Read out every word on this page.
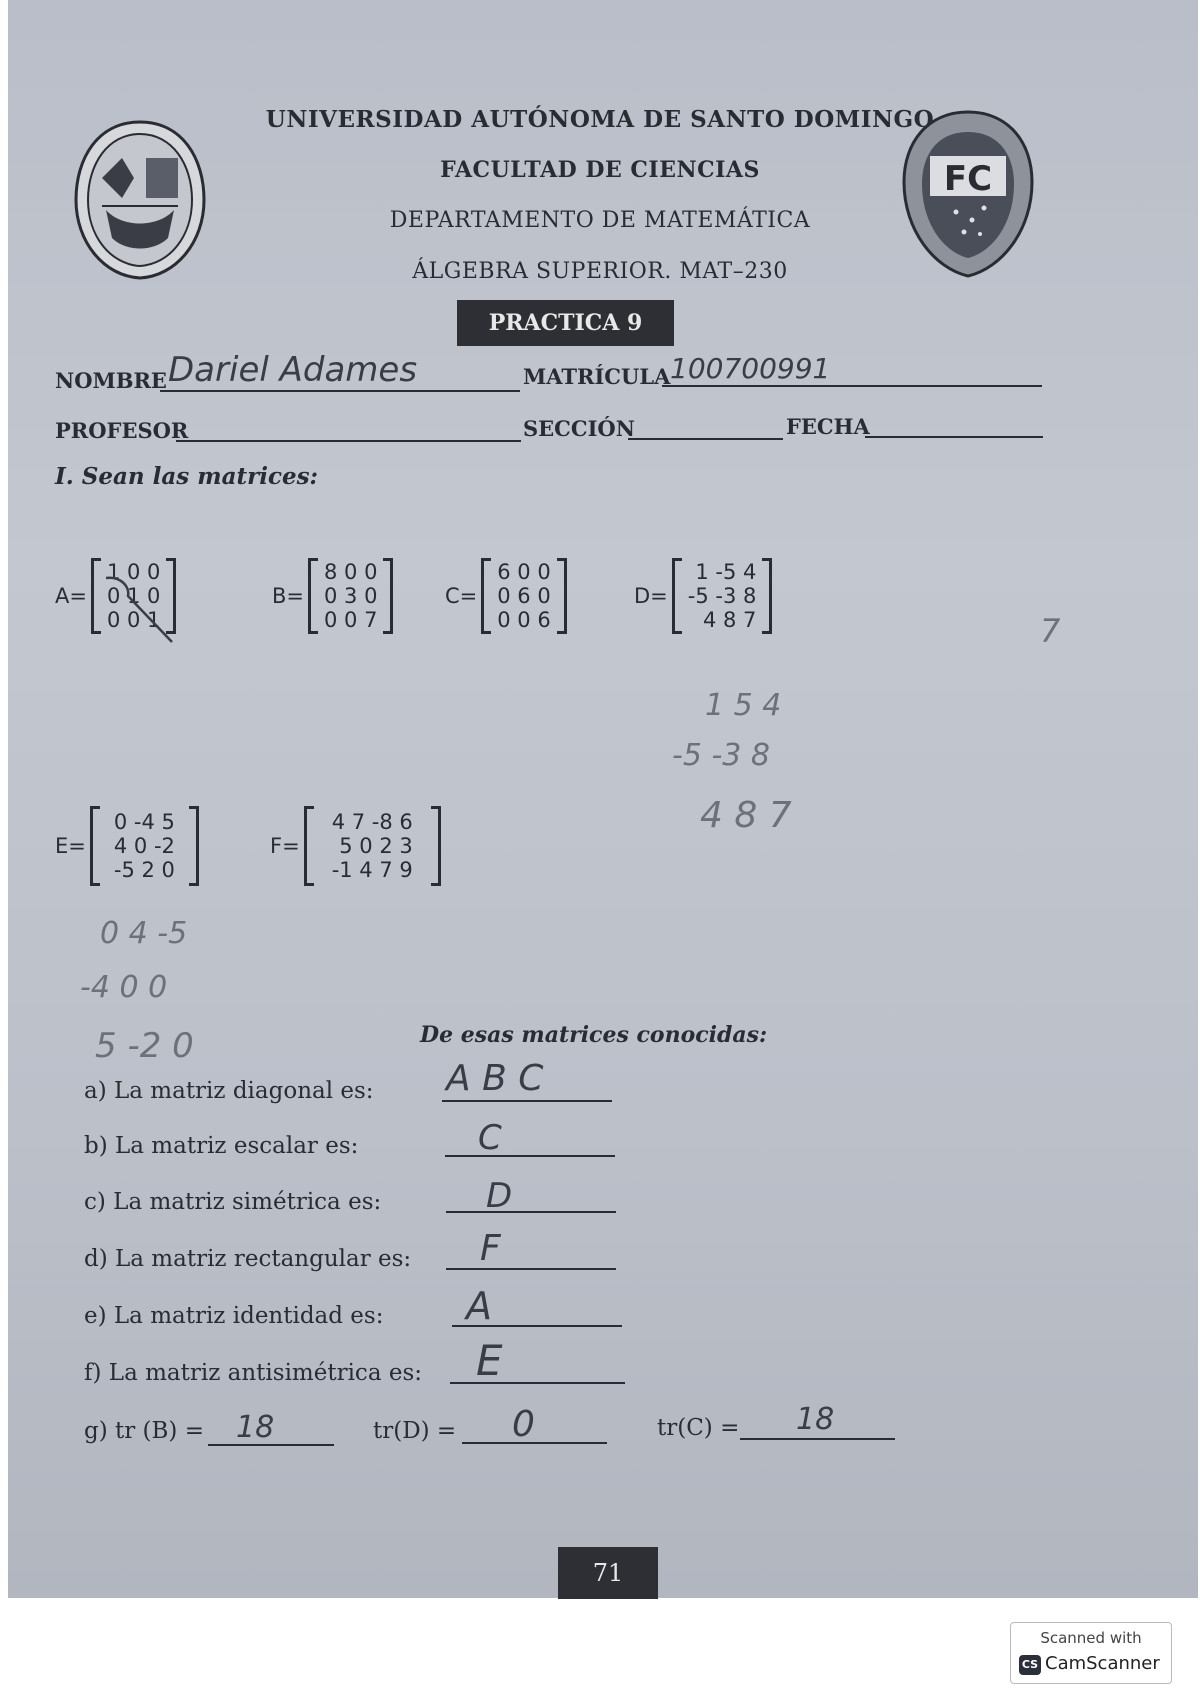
FC
UNIVERSIDAD AUTÓNOMA DE SANTO DOMINGO
FACULTAD DE CIENCIAS
DEPARTAMENTO DE MATEMÁTICA
ÁLGEBRA SUPERIOR. MAT–230
PRACTICA 9
NOMBRE Dariel Adames	MATRÍCULA 100700991
PROFESOR	SECCIÓN	FECHA
I. Sean las matrices:
A=
1 0 0
0 1 0
0 0 1
B=
8 0 0
0 3 0
0 0 7
C=
6 0 0
0 6 0
0 0 6
D=
1 -5 4
-5 -3 8
4 8 7	7
1 5 4
-5 -3 8
4 8 7
E=
0 -4 5
4 0 -2
-5 2 0
F=
4 7 -8 6
5 0 2 3
-1 4 7 9
0 4 -5
-4 0 0
5 -2 0	De esas matrices conocidas:
a) La matriz diagonal es: A B C
b) La matriz escalar es:	C
c) La matriz simétrica es:	D
d) La matriz rectangular es: F
e) La matriz identidad es: A
f) La matriz antisimétrica es: E
g) tr (B) = 18	tr(D) = 0	tr(C) = 18
71
Scanned with
CS CamScanner
